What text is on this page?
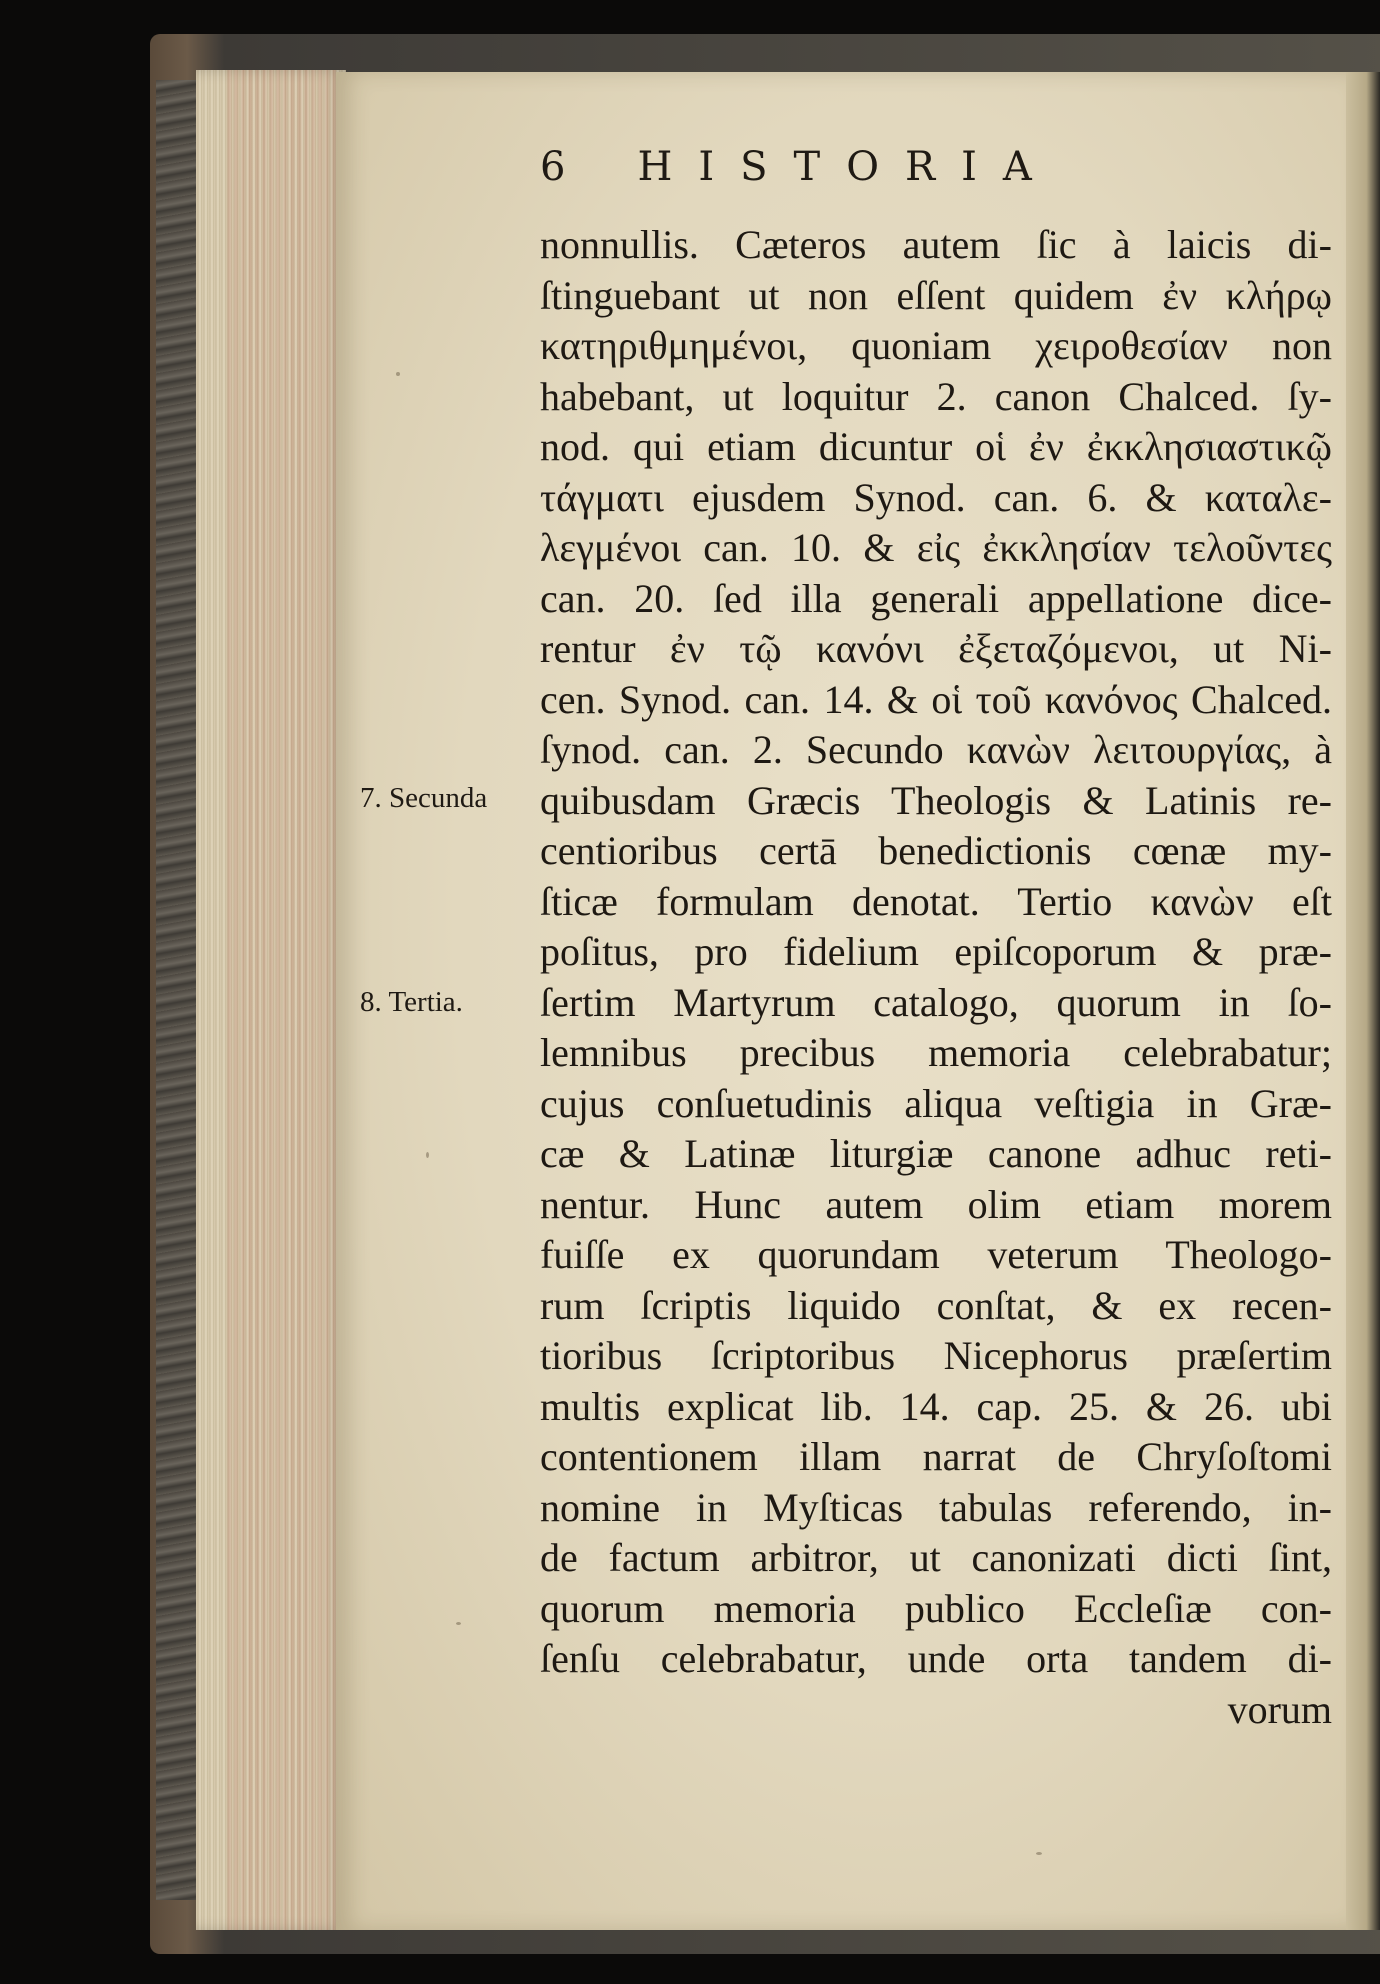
6 HISTORIA
7. Secunda
8. Tertia.
nonnullis. Cæteros autem ſic à laicis di-
ſtinguebant ut non eſſent quidem ἐν κλήρῳ
κατηριθμημένοι, quoniam χειροθεσίαν non
habebant, ut loquitur 2. canon Chalced. ſy-
nod. qui etiam dicuntur οἱ ἐν ἐκκλησιαστικῷ
τάγματι ejusdem Synod. can. 6. & καταλε-
λεγμένοι can. 10. & εἰς ἐκκλησίαν τελοῦντες
can. 20. ſed illa generali appellatione dice-
rentur ἐν τῷ κανόνι ἐξεταζόμενοι, ut Ni-
cen. Synod. can. 14. & οἱ τοῦ κανόνος Chalced.
ſynod. can. 2. Secundo κανὼν λειτουργίας, à
quibusdam Græcis Theologis & Latinis re-
centioribus certā benedictionis cœnæ my-
ſticæ formulam denotat. Tertio κανὼν eſt
poſitus, pro fidelium epiſcoporum & præ-
ſertim Martyrum catalogo, quorum in ſo-
lemnibus precibus memoria celebrabatur;
cujus conſuetudinis aliqua veſtigia in Græ-
cæ & Latinæ liturgiæ canone adhuc reti-
nentur. Hunc autem olim etiam morem
fuiſſe ex quorundam veterum Theologo-
rum ſcriptis liquido conſtat, & ex recen-
tioribus ſcriptoribus Nicephorus præſertim
multis explicat lib. 14. cap. 25. & 26. ubi
contentionem illam narrat de Chryſoſtomi
nomine in Myſticas tabulas referendo, in-
de factum arbitror, ut canonizati dicti ſint,
quorum memoria publico Eccleſiæ con-
ſenſu celebrabatur, unde orta tandem di-
vorum
